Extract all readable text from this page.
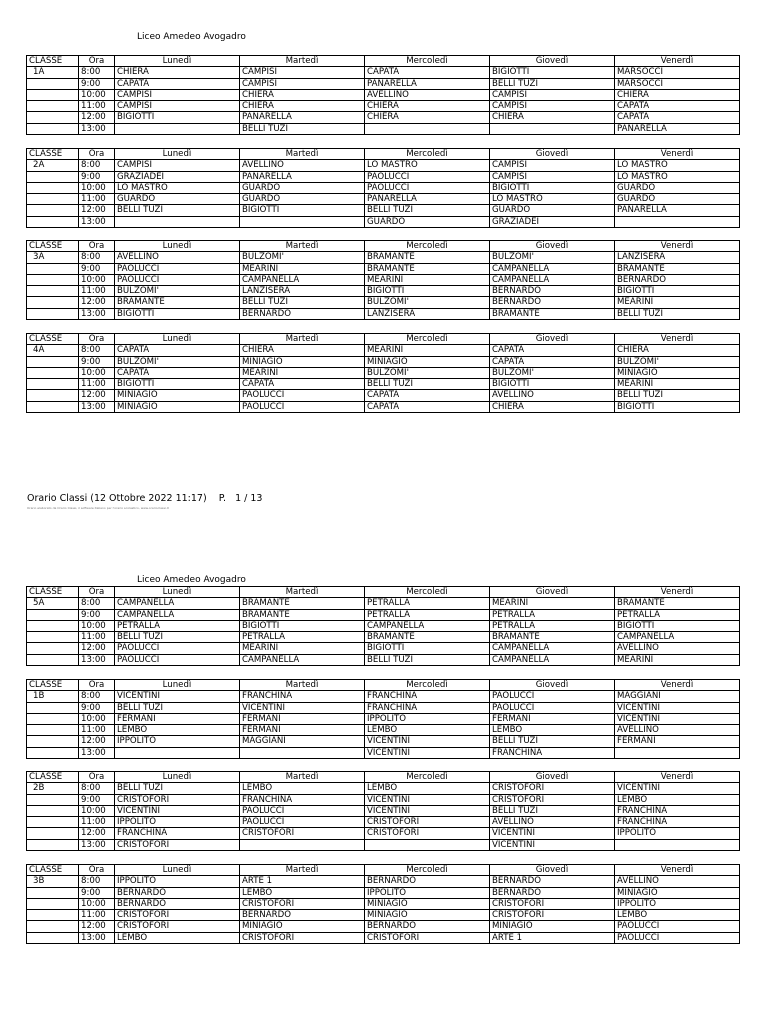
Liceo Amedeo Avogadro
CLASSE	Ora	Lunedì	Martedì	Mercoledì	Giovedì	Venerdì
1A	8:00	CHIERA	CAMPISI	CAPATA	BIGIOTTI	MARSOCCI
	9:00	CAPATA	CAMPISI	PANARELLA	BELLI TUZI	MARSOCCI
	10:00	CAMPISI	CHIERA	AVELLINO	CAMPISI	CHIERA
	11:00	CAMPISI	CHIERA	CHIERA	CAMPISI	CAPATA
	12:00	BIGIOTTI	PANARELLA	CHIERA	CHIERA	CAPATA
	13:00		BELLI TUZI			PANARELLA
CLASSE	Ora	Lunedì	Martedì	Mercoledì	Giovedì	Venerdì
2A	8:00	CAMPISI	AVELLINO	LO MASTRO	CAMPISI	LO MASTRO
	9:00	GRAZIADEI	PANARELLA	PAOLUCCI	CAMPISI	LO MASTRO
	10:00	LO MASTRO	GUARDO	PAOLUCCI	BIGIOTTI	GUARDO
	11:00	GUARDO	GUARDO	PANARELLA	LO MASTRO	GUARDO
	12:00	BELLI TUZI	BIGIOTTI	BELLI TUZI	GUARDO	PANARELLA
	13:00			GUARDO	GRAZIADEI	
CLASSE	Ora	Lunedì	Martedì	Mercoledì	Giovedì	Venerdì
3A	8:00	AVELLINO	BULZOMI'	BRAMANTE	BULZOMI'	LANZISERA
	9:00	PAOLUCCI	MEARINI	BRAMANTE	CAMPANELLA	BRAMANTE
	10:00	PAOLUCCI	CAMPANELLA	MEARINI	CAMPANELLA	BERNARDO
	11:00	BULZOMI'	LANZISERA	BIGIOTTI	BERNARDO	BIGIOTTI
	12:00	BRAMANTE	BELLI TUZI	BULZOMI'	BERNARDO	MEARINI
	13:00	BIGIOTTI	BERNARDO	LANZISERA	BRAMANTE	BELLI TUZI
CLASSE	Ora	Lunedì	Martedì	Mercoledì	Giovedì	Venerdì
4A	8:00	CAPATA	CHIERA	MEARINI	CAPATA	CHIERA
	9:00	BULZOMI'	MINIAGIO	MINIAGIO	CAPATA	BULZOMI'
	10:00	CAPATA	MEARINI	BULZOMI'	BULZOMI'	MINIAGIO
	11:00	BIGIOTTI	CAPATA	BELLI TUZI	BIGIOTTI	MEARINI
	12:00	MINIAGIO	PAOLUCCI	CAPATA	AVELLINO	BELLI TUZI
	13:00	MINIAGIO	PAOLUCCI	CAPATA	CHIERA	BIGIOTTI
Orario Classi (12 Ottobre 2022 11:17)    P.   1 / 13
Orario elaborato da Orario Classi, il software italiano per l'orario scolastico, www.orarioclassi.it
Liceo Amedeo Avogadro
CLASSE	Ora	Lunedì	Martedì	Mercoledì	Giovedì	Venerdì
5A	8:00	CAMPANELLA	BRAMANTE	PETRALLA	MEARINI	BRAMANTE
	9:00	CAMPANELLA	BRAMANTE	PETRALLA	PETRALLA	PETRALLA
	10:00	PETRALLA	BIGIOTTI	CAMPANELLA	PETRALLA	BIGIOTTI
	11:00	BELLI TUZI	PETRALLA	BRAMANTE	BRAMANTE	CAMPANELLA
	12:00	PAOLUCCI	MEARINI	BIGIOTTI	CAMPANELLA	AVELLINO
	13:00	PAOLUCCI	CAMPANELLA	BELLI TUZI	CAMPANELLA	MEARINI
CLASSE	Ora	Lunedì	Martedì	Mercoledì	Giovedì	Venerdì
1B	8:00	VICENTINI	FRANCHINA	FRANCHINA	PAOLUCCI	MAGGIANI
	9:00	BELLI TUZI	VICENTINI	FRANCHINA	PAOLUCCI	VICENTINI
	10:00	FERMANI	FERMANI	IPPOLITO	FERMANI	VICENTINI
	11:00	LEMBO	FERMANI	LEMBO	LEMBO	AVELLINO
	12:00	IPPOLITO	MAGGIANI	VICENTINI	BELLI TUZI	FERMANI
	13:00			VICENTINI	FRANCHINA	
CLASSE	Ora	Lunedì	Martedì	Mercoledì	Giovedì	Venerdì
2B	8:00	BELLI TUZI	LEMBO	LEMBO	CRISTOFORI	VICENTINI
	9:00	CRISTOFORI	FRANCHINA	VICENTINI	CRISTOFORI	LEMBO
	10:00	VICENTINI	PAOLUCCI	VICENTINI	BELLI TUZI	FRANCHINA
	11:00	IPPOLITO	PAOLUCCI	CRISTOFORI	AVELLINO	FRANCHINA
	12:00	FRANCHINA	CRISTOFORI	CRISTOFORI	VICENTINI	IPPOLITO
	13:00	CRISTOFORI			VICENTINI	
CLASSE	Ora	Lunedì	Martedì	Mercoledì	Giovedì	Venerdì
3B	8:00	IPPOLITO	ARTE 1	BERNARDO	BERNARDO	AVELLINO
	9:00	BERNARDO	LEMBO	IPPOLITO	BERNARDO	MINIAGIO
	10:00	BERNARDO	CRISTOFORI	MINIAGIO	CRISTOFORI	IPPOLITO
	11:00	CRISTOFORI	BERNARDO	MINIAGIO	CRISTOFORI	LEMBO
	12:00	CRISTOFORI	MINIAGIO	BERNARDO	MINIAGIO	PAOLUCCI
	13:00	LEMBO	CRISTOFORI	CRISTOFORI	ARTE 1	PAOLUCCI
